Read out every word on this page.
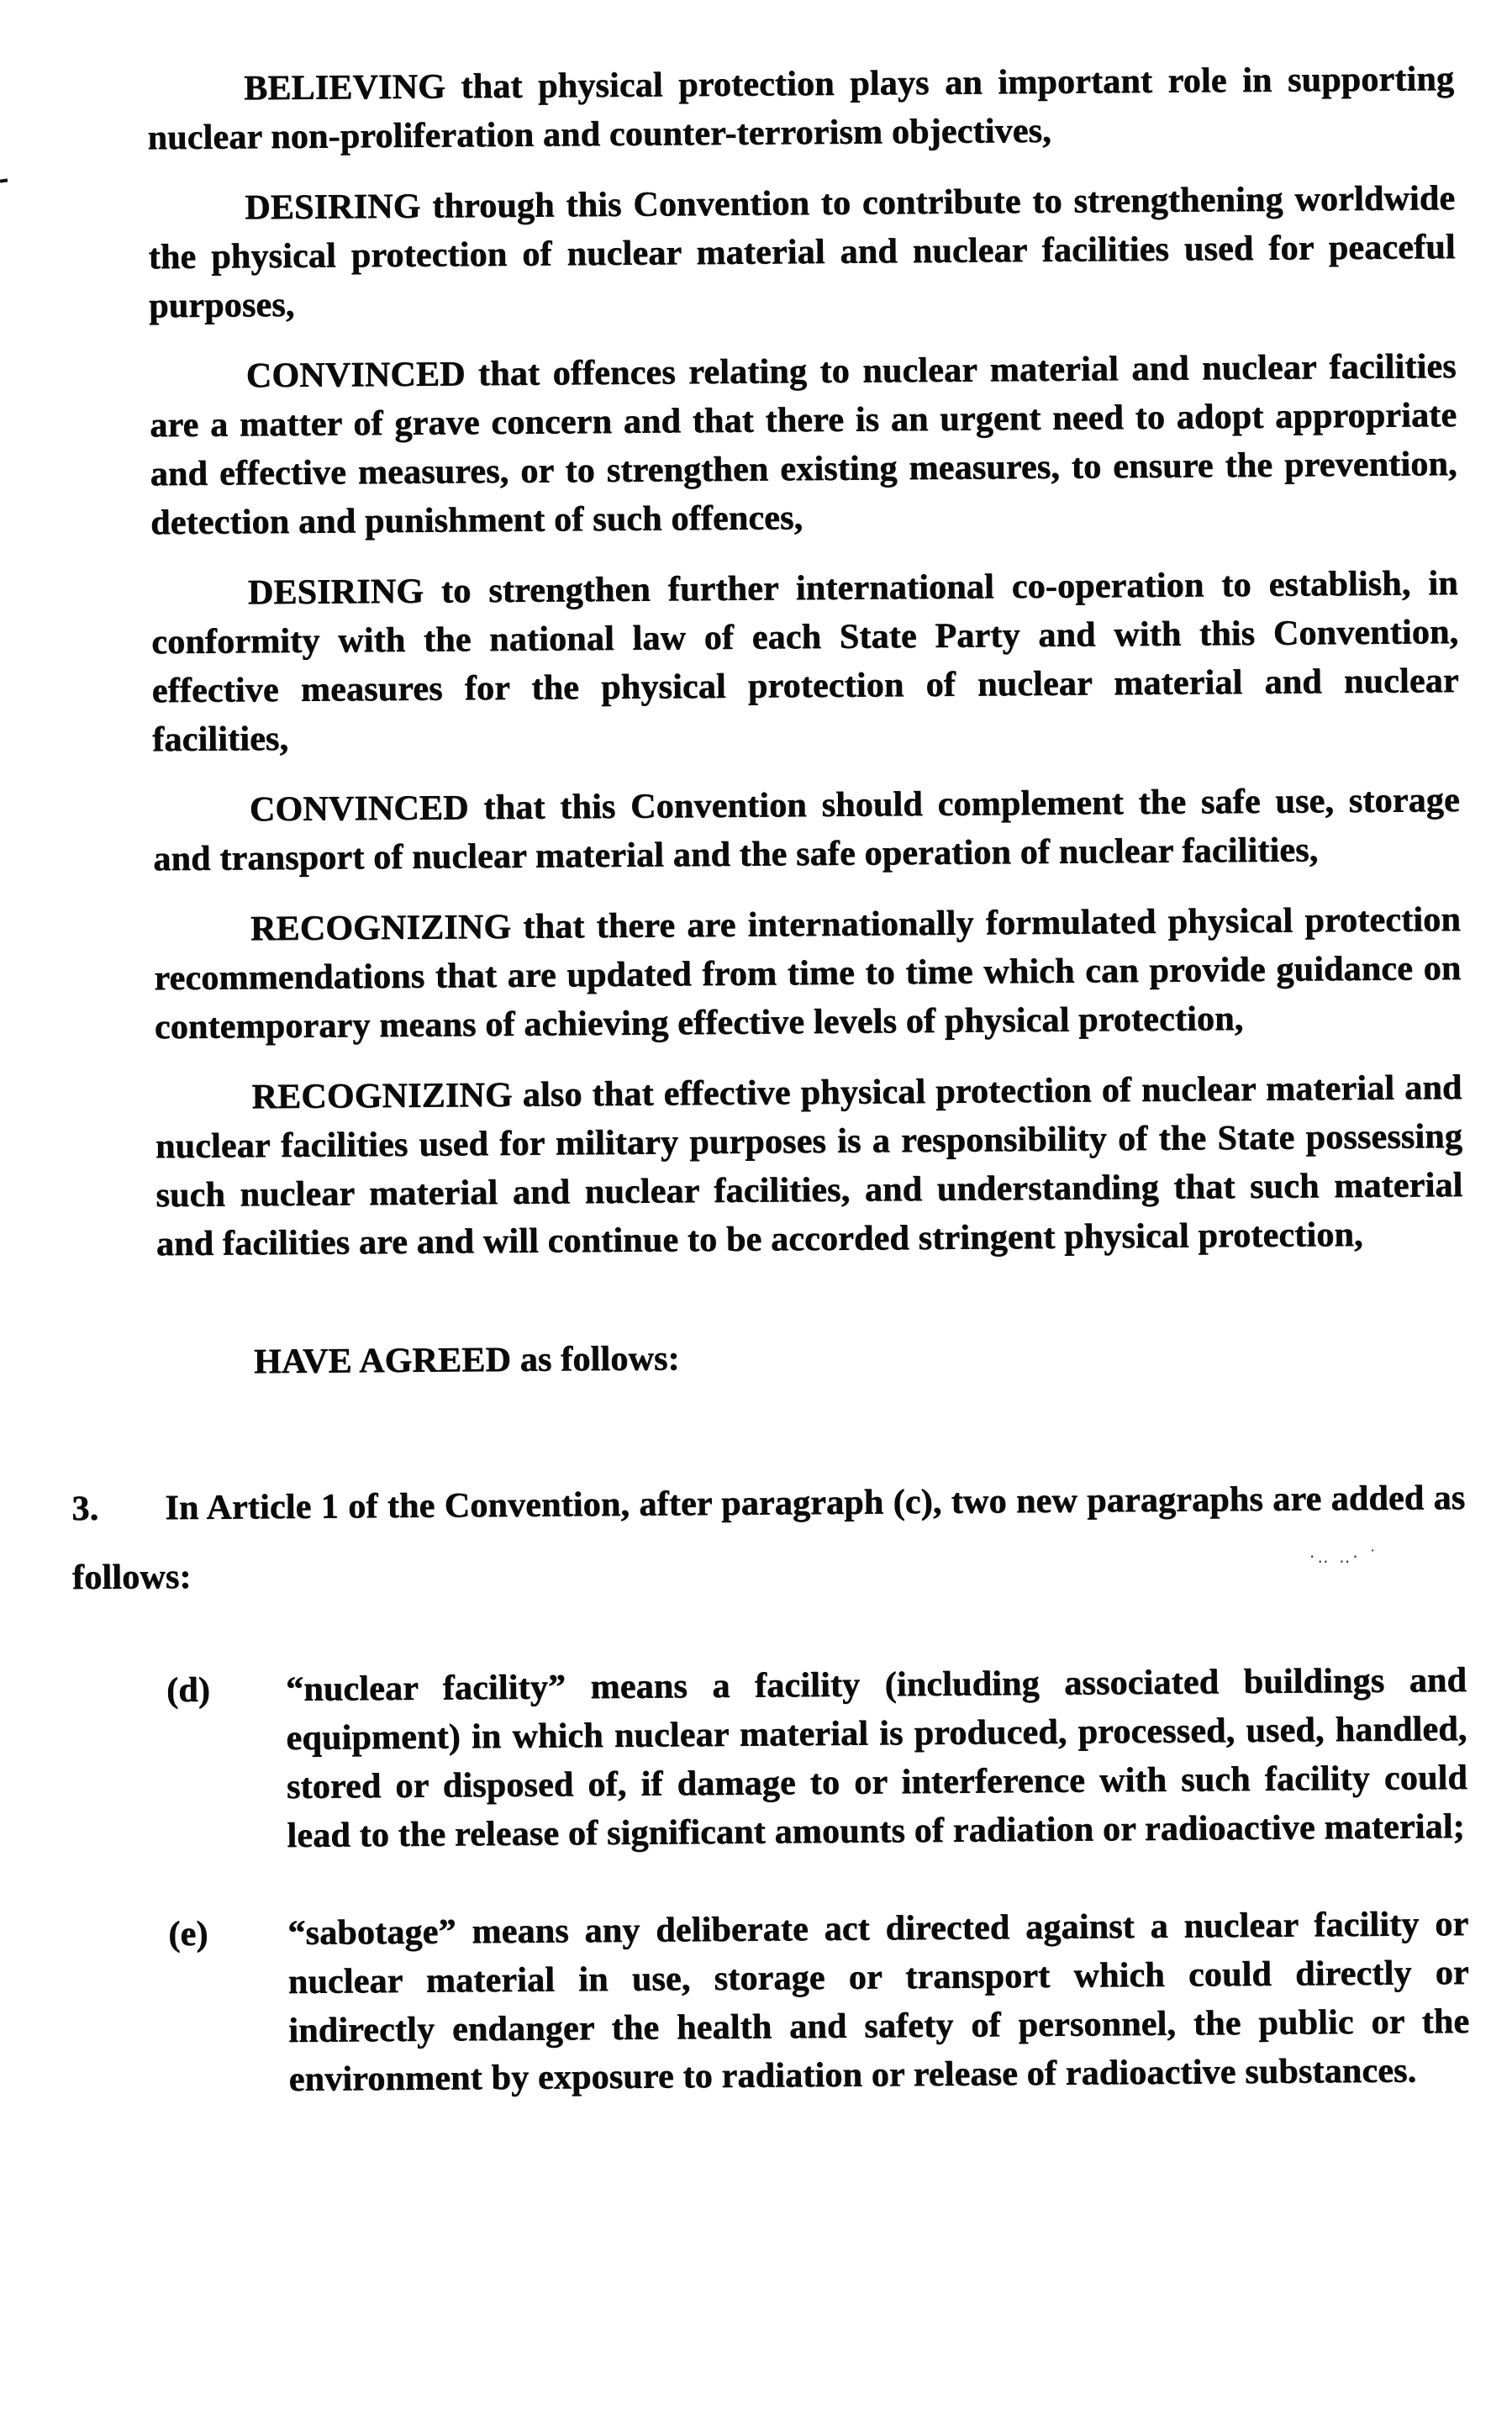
·‥ ‥· ˙

BELIEVING that physical protection plays an important role in supporting nuclear non-proliferation and counter-terrorism objectives,

DESIRING through this Convention to contribute to strengthening worldwide the physical protection of nuclear material and nuclear facilities used for peaceful purposes,

CONVINCED that offences relating to nuclear material and nuclear facilities are a matter of grave concern and that there is an urgent need to adopt appropriate and effective measures, or to strengthen existing measures, to ensure the prevention, detection and punishment of such offences,

DESIRING to strengthen further international co-operation to establish, in conformity with the national law of each State Party and with this Convention, effective measures for the physical protection of nuclear material and nuclear facilities,

CONVINCED that this Convention should complement the safe use, storage and transport of nuclear material and the safe operation of nuclear facilities,

RECOGNIZING that there are internationally formulated physical protection recommendations that are updated from time to time which can provide guidance on contemporary means of achieving effective levels of physical protection,

RECOGNIZING also that effective physical protection of nuclear material and nuclear facilities used for military purposes is a responsibility of the State possessing such nuclear material and nuclear facilities, and understanding that such material and facilities are and will continue to be accorded stringent physical protection,

HAVE AGREED as follows:

3. In Article 1 of the Convention, after paragraph (c), two new paragraphs are added as follows:

(d)	“nuclear facility” means a facility (including associated buildings and equipment) in which nuclear material is produced, processed, used, handled, stored or disposed of, if damage to or interference with such facility could lead to the release of significant amounts of radiation or radioactive material;
(e)	“sabotage” means any deliberate act directed against a nuclear facility or nuclear material in use, storage or transport which could directly or indirectly endanger the health and safety of personnel, the public or the environment by exposure to radiation or release of radioactive substances.
